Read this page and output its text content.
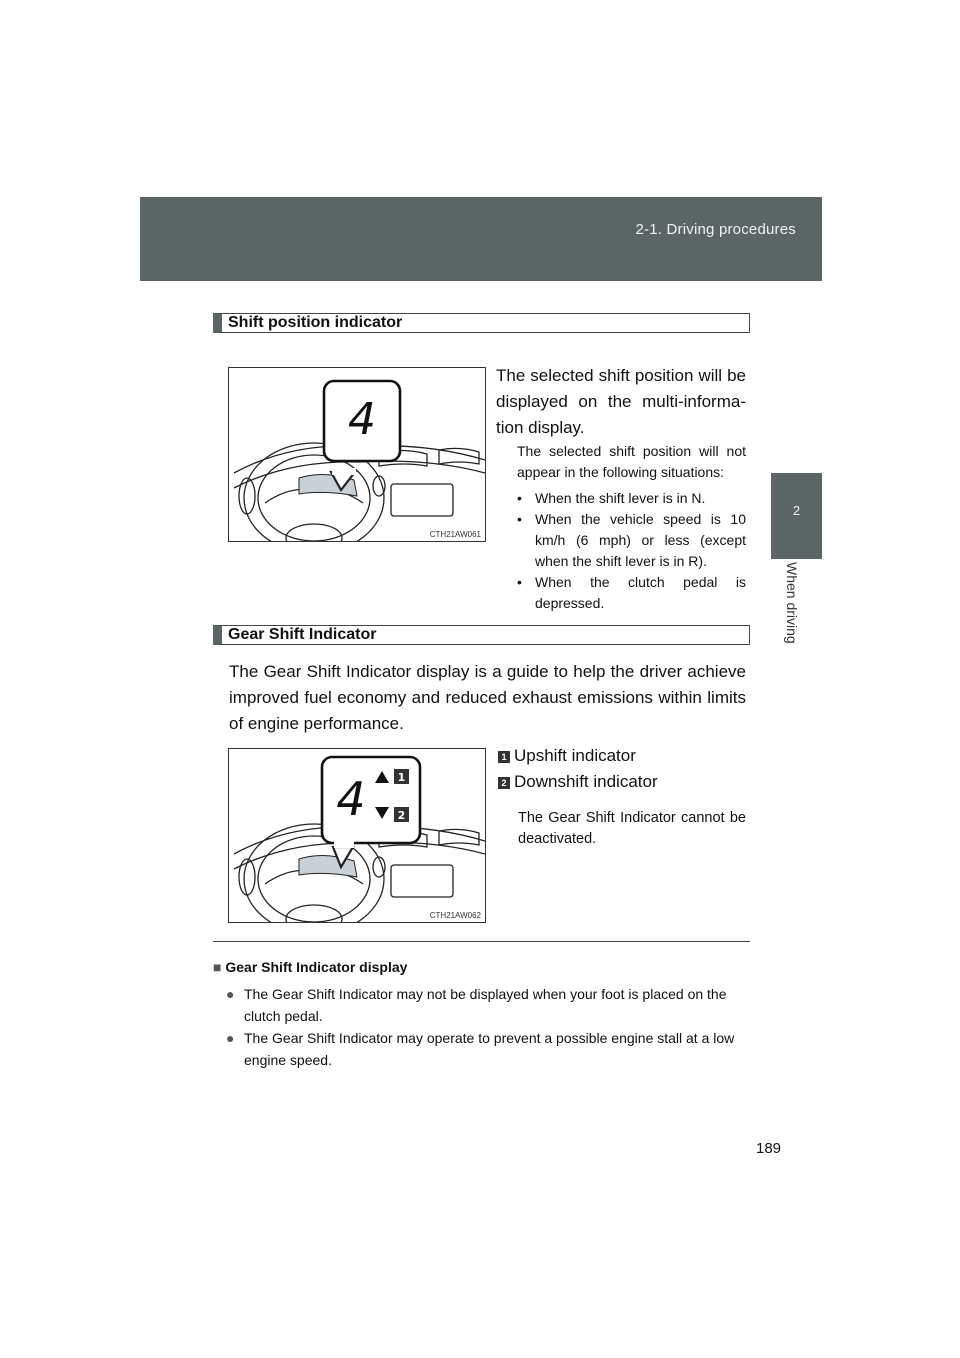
2-1. Driving procedures
2
When driving
Shift position indicator
4
CTH21AW061
The selected shift position will be displayed on the multi-informa-tion display.
The selected shift position will not appear in the following situations:
• When the shift lever is in N.
• When the vehicle speed is 10 km/h (6 mph) or less (except when the shift lever is in R).
• When the clutch pedal is depressed.
Gear Shift Indicator
The Gear Shift Indicator display is a guide to help the driver achieve improved fuel economy and reduced exhaust emissions within limits of engine performance.
4	1
2
CTH21AW062
1 Upshift indicator
2 Downshift indicator
The Gear Shift Indicator cannot be deactivated.
■ Gear Shift Indicator display
● The Gear Shift Indicator may not be displayed when your foot is placed on the clutch pedal.
● The Gear Shift Indicator may operate to prevent a possible engine stall at a low engine speed.
189
